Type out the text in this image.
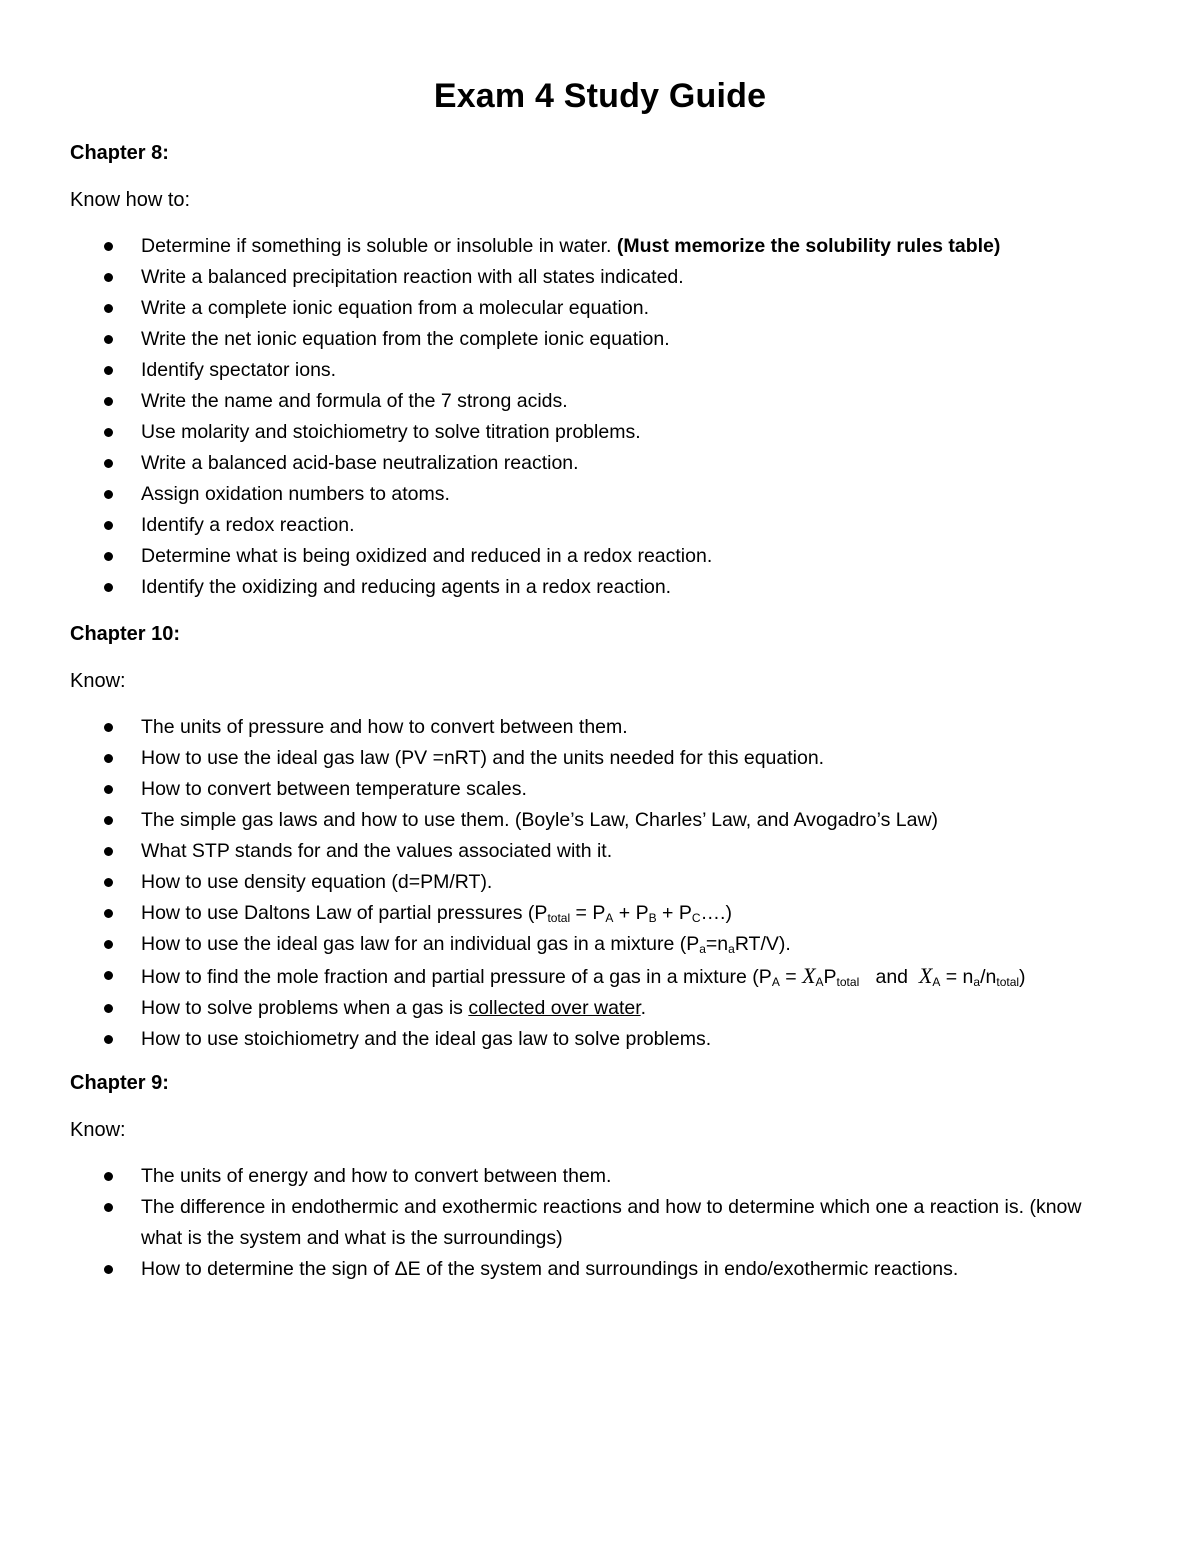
Exam 4 Study Guide
Chapter 8:
Know how to:
Determine if something is soluble or insoluble in water. (Must memorize the solubility rules table)
Write a balanced precipitation reaction with all states indicated.
Write a complete ionic equation from a molecular equation.
Write the net ionic equation from the complete ionic equation.
Identify spectator ions.
Write the name and formula of the 7 strong acids.
Use molarity and stoichiometry to solve titration problems.
Write a balanced acid-base neutralization reaction.
Assign oxidation numbers to atoms.
Identify a redox reaction.
Determine what is being oxidized and reduced in a redox reaction.
Identify the oxidizing and reducing agents in a redox reaction.
Chapter 10:
Know:
The units of pressure and how to convert between them.
How to use the ideal gas law (PV =nRT) and the units needed for this equation.
How to convert between temperature scales.
The simple gas laws and how to use them. (Boyle’s Law, Charles’ Law, and Avogadro’s Law)
What STP stands for and the values associated with it.
How to use density equation (d=PM/RT).
How to use Daltons Law of partial pressures ($P_{total} = P_A + P_B$ + $P_C\dots$.)
How to use the ideal gas law for an individual gas in a mixture $(P_a=n_aRT/V)$.
How to find the mole fraction and partial pressure of a gas in a mixture ($P_A = X_AP_{total}$   and  $X_A = n_a/n_{total}$)
How to solve problems when a gas is collected over water.
How to use stoichiometry and the ideal gas law to solve problems.
Chapter 9:
Know:
The units of energy and how to convert between them.
The difference in endothermic and exothermic reactions and how to determine which one a reaction is. (know what is the system and what is the surroundings)
How to determine the sign of ΔE of the system and surroundings in endo/exothermic reactions.
